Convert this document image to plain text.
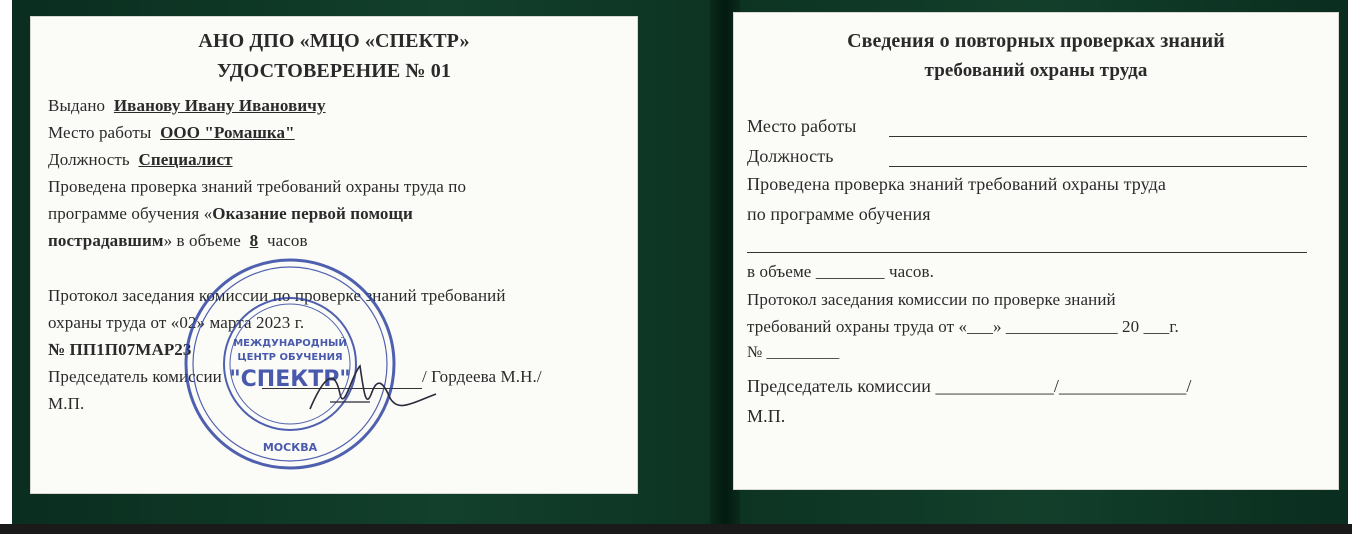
АНО ДПО «МЦО «СПЕКТР»
УДОСТОВЕРЕНИЕ № 01
Выдано Иванову Ивану Ивановичу
Место работы ООО "Ромашка"
Должность Специалист
Проведена проверка знаний требований охраны труда по
программе обучения «Оказание первой помощи
пострадавшим» в объеме 8 часов
Протокол заседания комиссии по проверке знаний требований
охраны труда от «02» марта 2023 г.
№ ПП1П07МАР23
Председатель комиссии	/ Гордеева М.Н./
М.П.
МЕЖДУНАРОДНЫЙ
ЦЕНТР ОБУЧЕНИЯ
"СПЕКТР"
МОСКВА
Сведения о повторных проверках знаний
требований охраны труда
Место работы
Должность
Проведена проверка знаний требований охраны труда
по программе обучения
в объеме ________ часов.
Протокол заседания комиссии по проверке знаний
требований охраны труда от «___» _____________ 20 ___г.
№ _________
Председатель комиссии _____________/______________/
М.П.
